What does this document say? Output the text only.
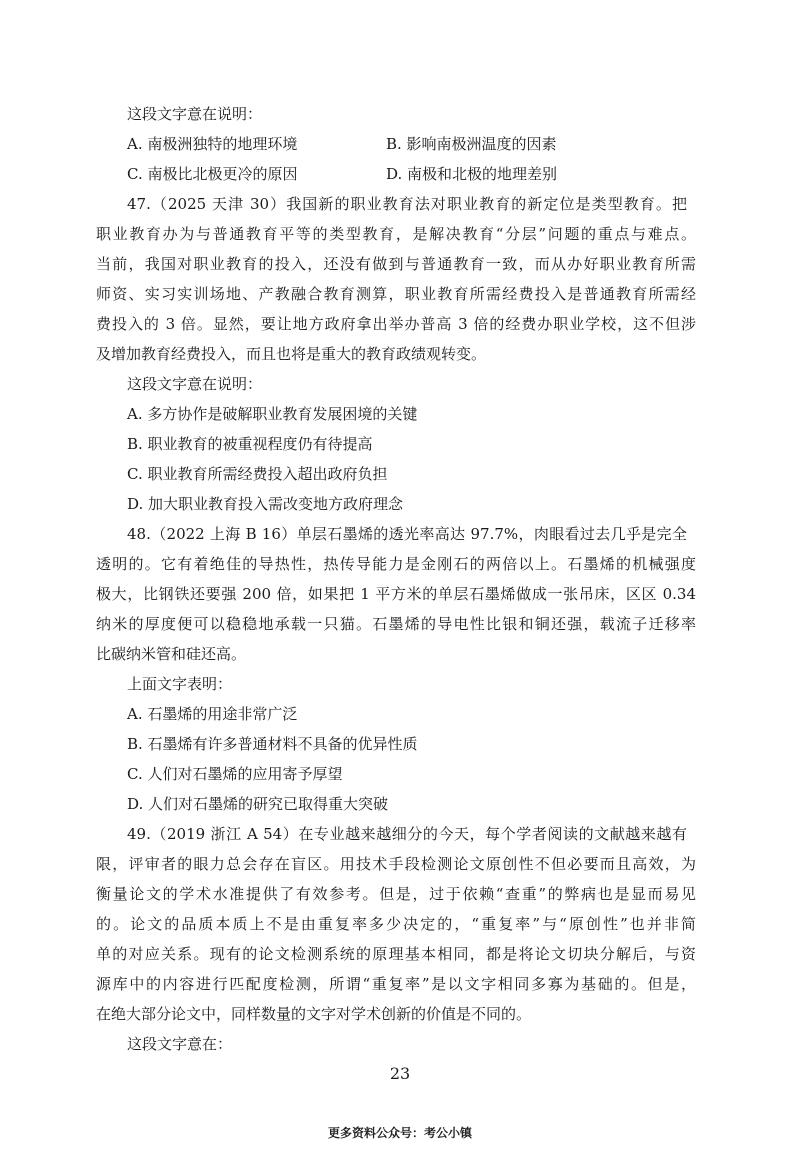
这段文字意在说明：
A. 南极洲独特的地理环境	B. 影响南极洲温度的因素
C. 南极比北极更冷的原因	D. 南极和北极的地理差别
47.（2025 天津 30）我国新的职业教育法对职业教育的新定位是类型教育。把
职业教育办为与普通教育平等的类型教育，是解决教育“分层”问题的重点与难点。
当前，我国对职业教育的投入，还没有做到与普通教育一致，而从办好职业教育所需
师资、实习实训场地、产教融合教育测算，职业教育所需经费投入是普通教育所需经
费投入的 3 倍。显然，要让地方政府拿出举办普高 3 倍的经费办职业学校，这不但涉
及增加教育经费投入，而且也将是重大的教育政绩观转变。
这段文字意在说明：
A. 多方协作是破解职业教育发展困境的关键
B. 职业教育的被重视程度仍有待提高
C. 职业教育所需经费投入超出政府负担
D. 加大职业教育投入需改变地方政府理念
48.（2022 上海 B 16）单层石墨烯的透光率高达 97.7%，肉眼看过去几乎是完全
透明的。它有着绝佳的导热性，热传导能力是金刚石的两倍以上。石墨烯的机械强度
极大，比钢铁还要强 200 倍，如果把 1 平方米的单层石墨烯做成一张吊床，区区 0.34
纳米的厚度便可以稳稳地承载一只猫。石墨烯的导电性比银和铜还强，载流子迁移率
比碳纳米管和硅还高。
上面文字表明：
A. 石墨烯的用途非常广泛
B. 石墨烯有许多普通材料不具备的优异性质
C. 人们对石墨烯的应用寄予厚望
D. 人们对石墨烯的研究已取得重大突破
49.（2019 浙江 A 54）在专业越来越细分的今天，每个学者阅读的文献越来越有
限，评审者的眼力总会存在盲区。用技术手段检测论文原创性不但必要而且高效，为
衡量论文的学术水准提供了有效参考。但是，过于依赖“查重”的弊病也是显而易见
的。论文的品质本质上不是由重复率多少决定的，“重复率”与“原创性”也并非简
单的对应关系。现有的论文检测系统的原理基本相同，都是将论文切块分解后，与资
源库中的内容进行匹配度检测，所谓“重复率”是以文字相同多寡为基础的。但是，
在绝大部分论文中，同样数量的文字对学术创新的价值是不同的。
这段文字意在：
23
更多资料公众号：考公小镇
